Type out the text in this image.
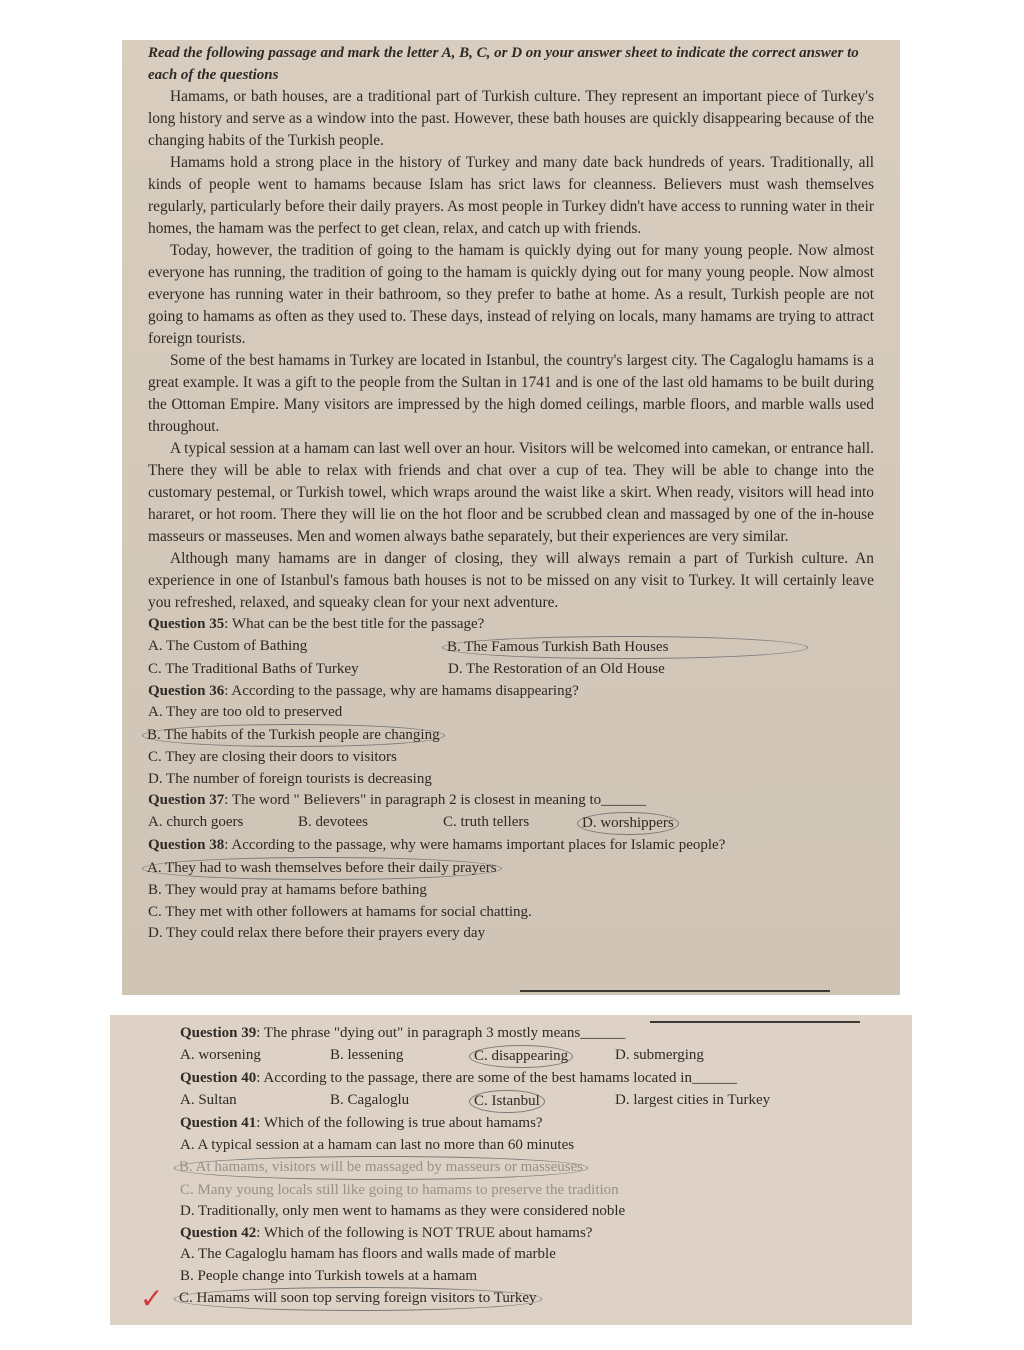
Read the following passage and mark the letter A, B, C, or D on your answer sheet to indicate the correct answer to each of the questions

Hamams, or bath houses, are a traditional part of Turkish culture. They represent an important piece of Turkey's long history and serve as a window into the past. However, these bath houses are quickly disappearing because of the changing habits of the Turkish people.

Hamams hold a strong place in the history of Turkey and many date back hundreds of years. Traditionally, all kinds of people went to hamams because Islam has srict laws for cleanness. Believers must wash themselves regularly, particularly before their daily prayers. As most people in Turkey didn't have access to running water in their homes, the hamam was the perfect to get clean, relax, and catch up with friends.

Today, however, the tradition of going to the hamam is quickly dying out for many young people. Now almost everyone has running, the tradition of going to the hamam is quickly dying out for many young people. Now almost everyone has running water in their bathroom, so they prefer to bathe at home. As a result, Turkish people are not going to hamams as often as they used to. These days, instead of relying on locals, many hamams are trying to attract foreign tourists.

Some of the best hamams in Turkey are located in Istanbul, the country's largest city. The Cagaloglu hamams is a great example. It was a gift to the people from the Sultan in 1741 and is one of the last old hamams to be built during the Ottoman Empire. Many visitors are impressed by the high domed ceilings, marble floors, and marble walls used throughout.

A typical session at a hamam can last well over an hour. Visitors will be welcomed into camekan, or entrance hall. There they will be able to relax with friends and chat over a cup of tea. They will be able to change into the customary pestemal, or Turkish towel, which wraps around the waist like a skirt. When ready, visitors will head into hararet, or hot room. There they will lie on the hot floor and be scrubbed clean and massaged by one of the in-house masseurs or masseuses. Men and women always bathe separately, but their experiences are very similar.

Although many hamams are in danger of closing, they will always remain a part of Turkish culture. An experience in one of Istanbul's famous bath houses is not to be missed on any visit to Turkey. It will certainly leave you refreshed, relaxed, and squeaky clean for your next adventure.

Question 35: What can be the best title for the passage?
A. The Custom of Bathing	B. The Famous Turkish Bath Houses
C. The Traditional Baths of Turkey	D. The Restoration of an Old House
Question 36: According to the passage, why are hamams disappearing?
A. They are too old to preserved
B. The habits of the Turkish people are changing
C. They are closing their doors to visitors
D. The number of foreign tourists is decreasing
Question 37: The word " Believers" in paragraph 2 is closest in meaning to______
A. church goers	B. devotees	C. truth tellers	D. worshippers
Question 38: According to the passage, why were hamams important places for Islamic people?
A. They had to wash themselves before their daily prayers
B. They would pray at hamams before bathing
C. They met with other followers at hamams for social chatting.
D. They could relax there before their prayers every day
Question 39: The phrase "dying out" in paragraph 3 mostly means______
A. worsening	B. lessening	C. disappearing	D. submerging
Question 40: According to the passage, there are some of the best hamams located in______
A. Sultan	B. Cagaloglu	C. Istanbul	D. largest cities in Turkey
Question 41: Which of the following is true about hamams?
A. A typical session at a hamam can last no more than 60 minutes
B. At hamams, visitors will be massaged by masseurs or masseuses
C. Many young locals still like going to hamams to preserve the tradition
D. Traditionally, only men went to hamams as they were considered noble
Question 42: Which of the following is NOT TRUE about hamams?
A. The Cagaloglu hamam has floors and walls made of marble
B. People change into Turkish towels at a hamam
C. Hamams will soon top serving foreign visitors to Turkey
✓
